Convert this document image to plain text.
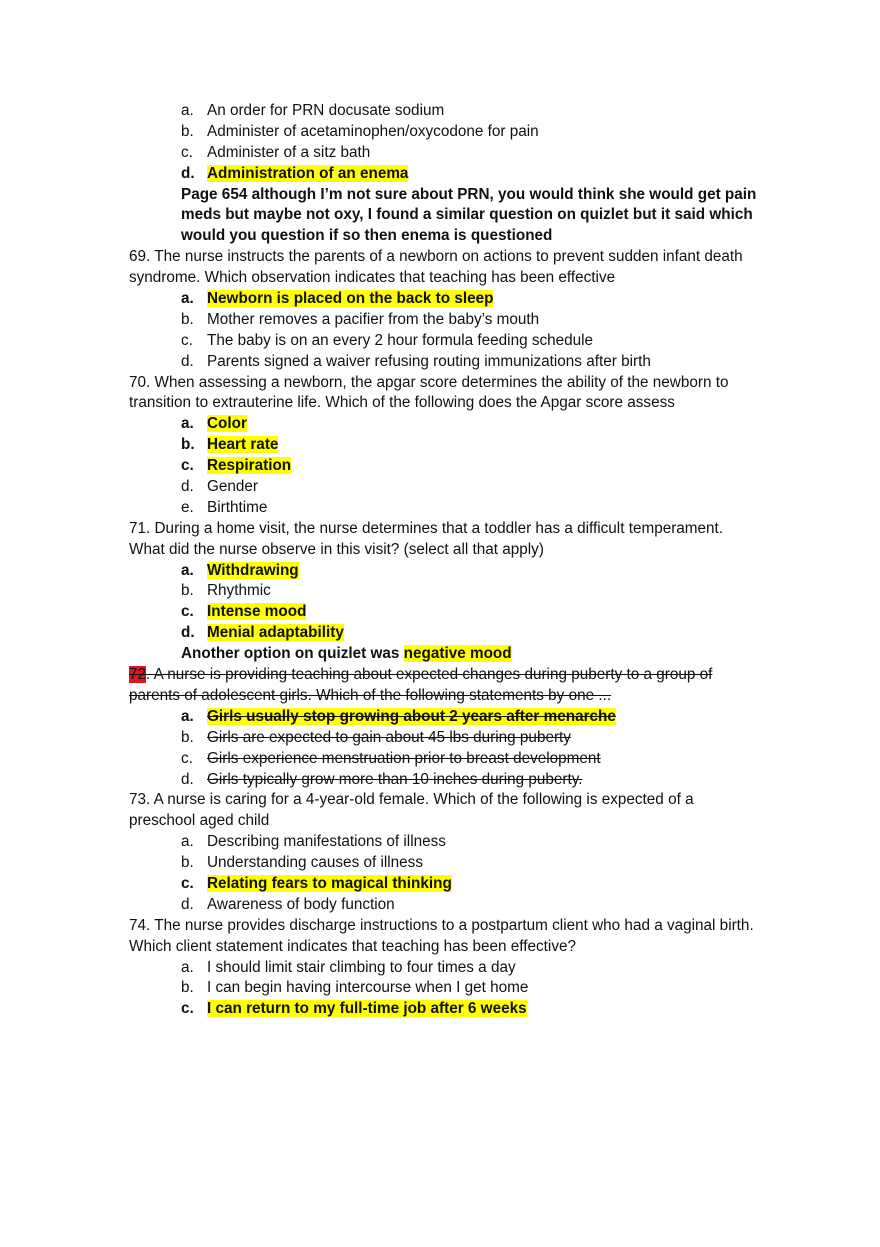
a. An order for PRN docusate sodium
b. Administer of acetaminophen/oxycodone for pain
c. Administer of a sitz bath
d. Administration of an enema
Page 654 although I’m not sure about PRN, you would think she would get pain
meds but maybe not oxy, I found a similar question on quizlet but it said which
would you question if so then enema is questioned
69. The nurse instructs the parents of a newborn on actions to prevent sudden infant death
syndrome. Which observation indicates that teaching has been effective
a. Newborn is placed on the back to sleep
b. Mother removes a pacifier from the baby’s mouth
c. The baby is on an every 2 hour formula feeding schedule
d. Parents signed a waiver refusing routing immunizations after birth
70. When assessing a newborn, the apgar score determines the ability of the newborn to
transition to extrauterine life. Which of the following does the Apgar score assess
a. Color
b. Heart rate
c. Respiration
d. Gender
e. Birthtime
71. During a home visit, the nurse determines that a toddler has a difficult temperament.
What did the nurse observe in this visit? (select all that apply)
a. Withdrawing
b. Rhythmic
c. Intense mood
d. Menial adaptability
Another option on quizlet was negative mood
72. A nurse is providing teaching about expected changes during puberty to a group of
parents of adolescent girls. Which of the following statements by one ...
a. Girls usually stop growing about 2 years after menarche
b. Girls are expected to gain about 45 lbs during puberty
c. Girls experience menstruation prior to breast development
d. Girls typically grow more than 10 inches during puberty.
73. A nurse is caring for a 4-year-old female. Which of the following is expected of a
preschool aged child
a. Describing manifestations of illness
b. Understanding causes of illness
c. Relating fears to magical thinking
d. Awareness of body function
74. The nurse provides discharge instructions to a postpartum client who had a vaginal birth.
Which client statement indicates that teaching has been effective?
a. I should limit stair climbing to four times a day
b. I can begin having intercourse when I get home
c. I can return to my full-time job after 6 weeks
